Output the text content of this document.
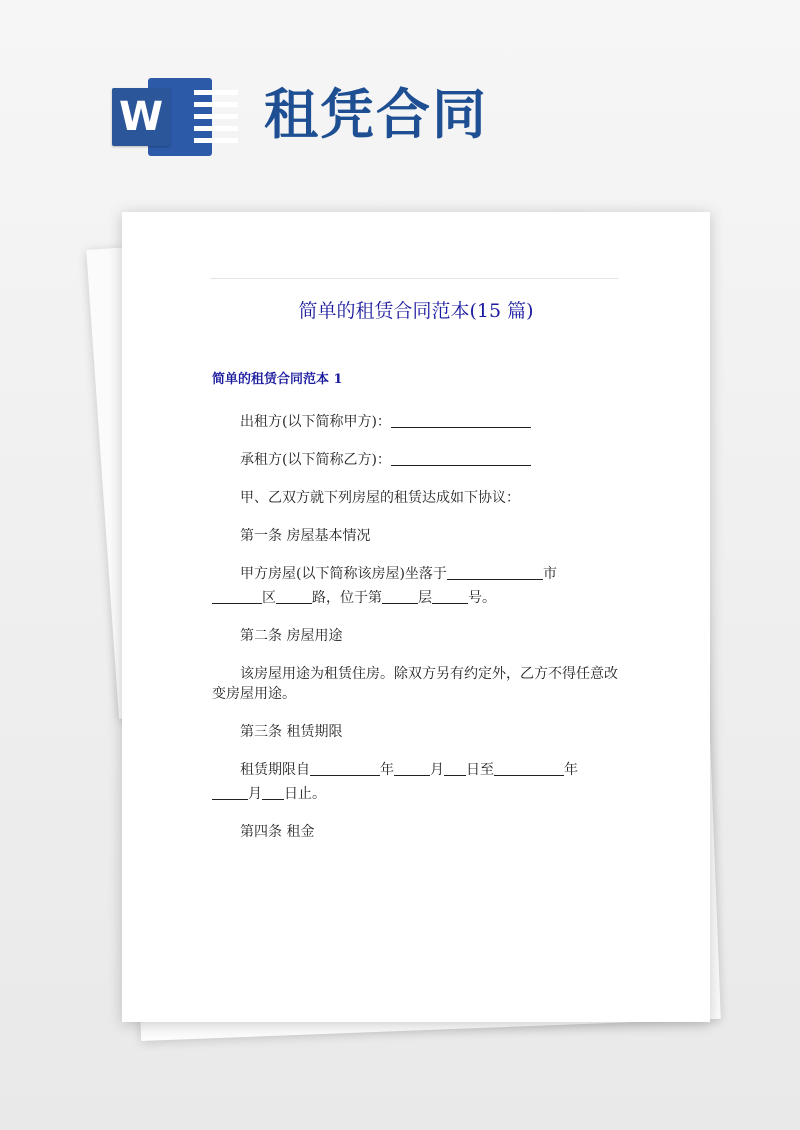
W 租凭合同
简单的租赁合同范本(15 篇)
简单的租赁合同范本 1

出租方(以下简称甲方)：

承租方(以下简称乙方)：

甲、乙双方就下列房屋的租赁达成如下协议：

第一条 房屋基本情况

甲方房屋(以下简称该房屋)坐落于	市

区	路，位于第	层	号。

第二条 房屋用途

该房屋用途为租赁住房。除双方另有约定外，乙方不得任意改变房屋用途。

第三条 租赁期限

租赁期限自	年	月 日至	年

月 日止。

第四条 租金
